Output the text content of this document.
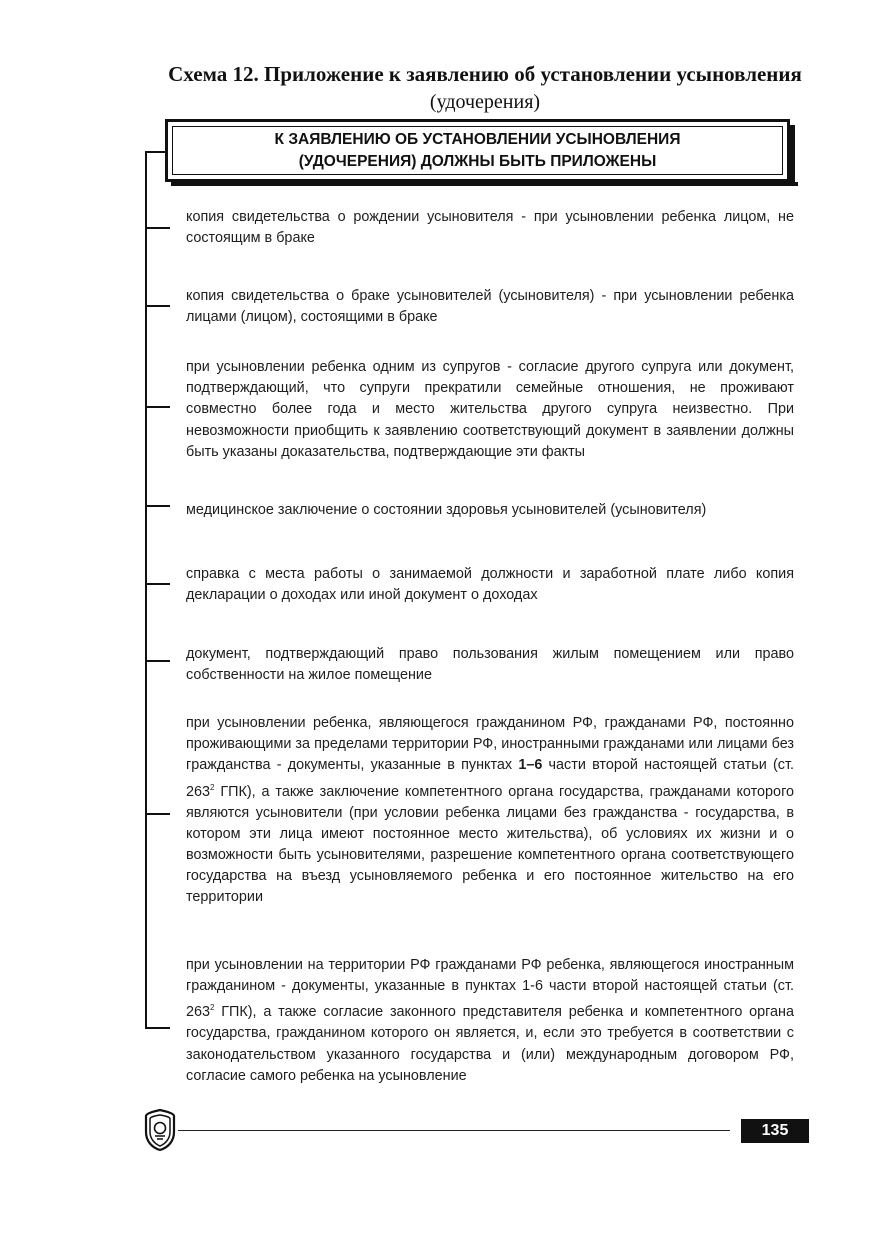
Схема 12. Приложение к заявлению об установлении усыновления
(удочерения)
К ЗАЯВЛЕНИЮ ОБ УСТАНОВЛЕНИИ УСЫНОВЛЕНИЯ
(УДОЧЕРЕНИЯ) ДОЛЖНЫ БЫТЬ ПРИЛОЖЕНЫ
копия свидетельства о рождении усыновителя - при усыновлении ребенка лицом, не состоящим в браке
копия свидетельства о браке усыновителей (усыновителя) - при усыновлении ребенка лицами (лицом), состоящими в браке
при усыновлении ребенка одним из супругов - согласие другого супруга или документ, подтверждающий, что супруги прекратили семейные отношения, не проживают совместно более года и место жительства другого супруга неизвестно. При невозможности приобщить к заявлению соответствующий документ в заявлении должны быть указаны доказательства, подтверждающие эти факты
медицинское заключение о состоянии здоровья усыновителей (усыновителя)
справка с места работы о занимаемой должности и заработной плате либо копия декларации о доходах или иной документ о доходах
документ, подтверждающий право пользования жилым помещением или право собственности на жилое помещение
при усыновлении ребенка, являющегося гражданином РФ, гражданами РФ, постоянно проживающими за пределами территории РФ, иностранными гражданами или лицами без гражданства - документы, указанные в пунктах 1–6 части второй настоящей статьи (ст. $263^2$ ГПК), а также заключение компетентного органа государства, гражданами которого являются усыновители (при условии ребенка лицами без гражданства - государства, в котором эти лица имеют постоянное место жительства), об условиях их жизни и о возможности быть усыновителями, разрешение компетентного органа соответствующего государства на въезд усыновляемого ребенка и его постоянное жительство на его территории
при усыновлении на территории РФ гражданами РФ ребенка, являющегося иностранным гражданином - документы, указанные в пунктах 1-6 части второй настоящей статьи (ст. $263^2$ ГПК), а также согласие законного представителя ребенка и компетентного органа государства, гражданином которого он является, и, если это требуется в соответствии с законодательством указанного государства и (или) международным договором РФ, согласие самого ребенка на усыновление
135
